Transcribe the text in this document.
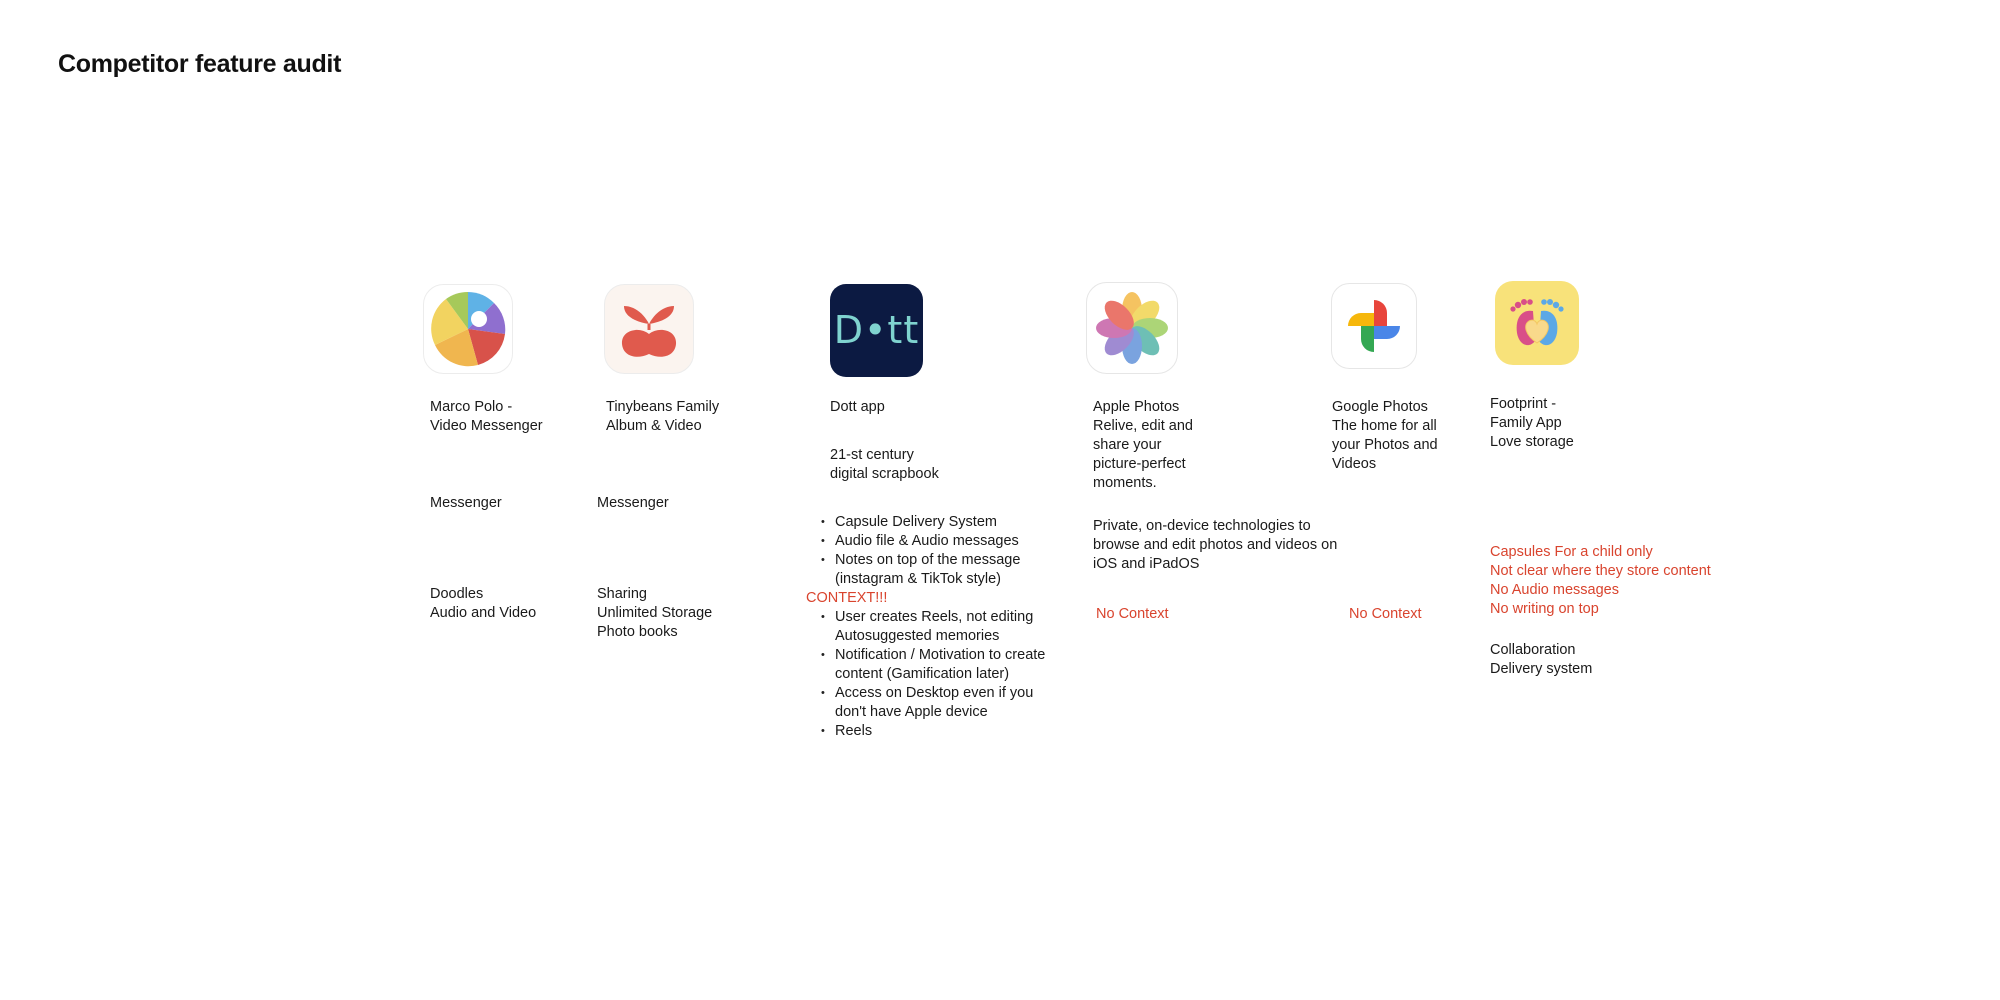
Competitor feature audit
Marco Polo -
Video Messenger
Messenger
Doodles
Audio and Video
Tinybeans Family
Album & Video
Messenger
Sharing
Unlimited Storage
Photo books
D•tt
Dott app
21-st century
digital scrapbook
• Capsule Delivery System
• Audio file & Audio messages
• Notes on top of the message
(instagram & TikTok style)
CONTEXT!!!
• User creates Reels, not editing
Autosuggested memories
• Notification / Motivation to create
content (Gamification later)
• Access on Desktop even if you
don't have Apple device
• Reels
Apple Photos
Relive, edit and
share your
picture-perfect
moments.
Private, on-device technologies to
browse and edit photos and videos on
iOS and iPadOS
No Context
Google Photos
The home for all
your Photos and
Videos
No Context
Footprint -
Family App
Love storage
Capsules For a child only
Not clear where they store content
No Audio messages
No writing on top
Collaboration
Delivery system
